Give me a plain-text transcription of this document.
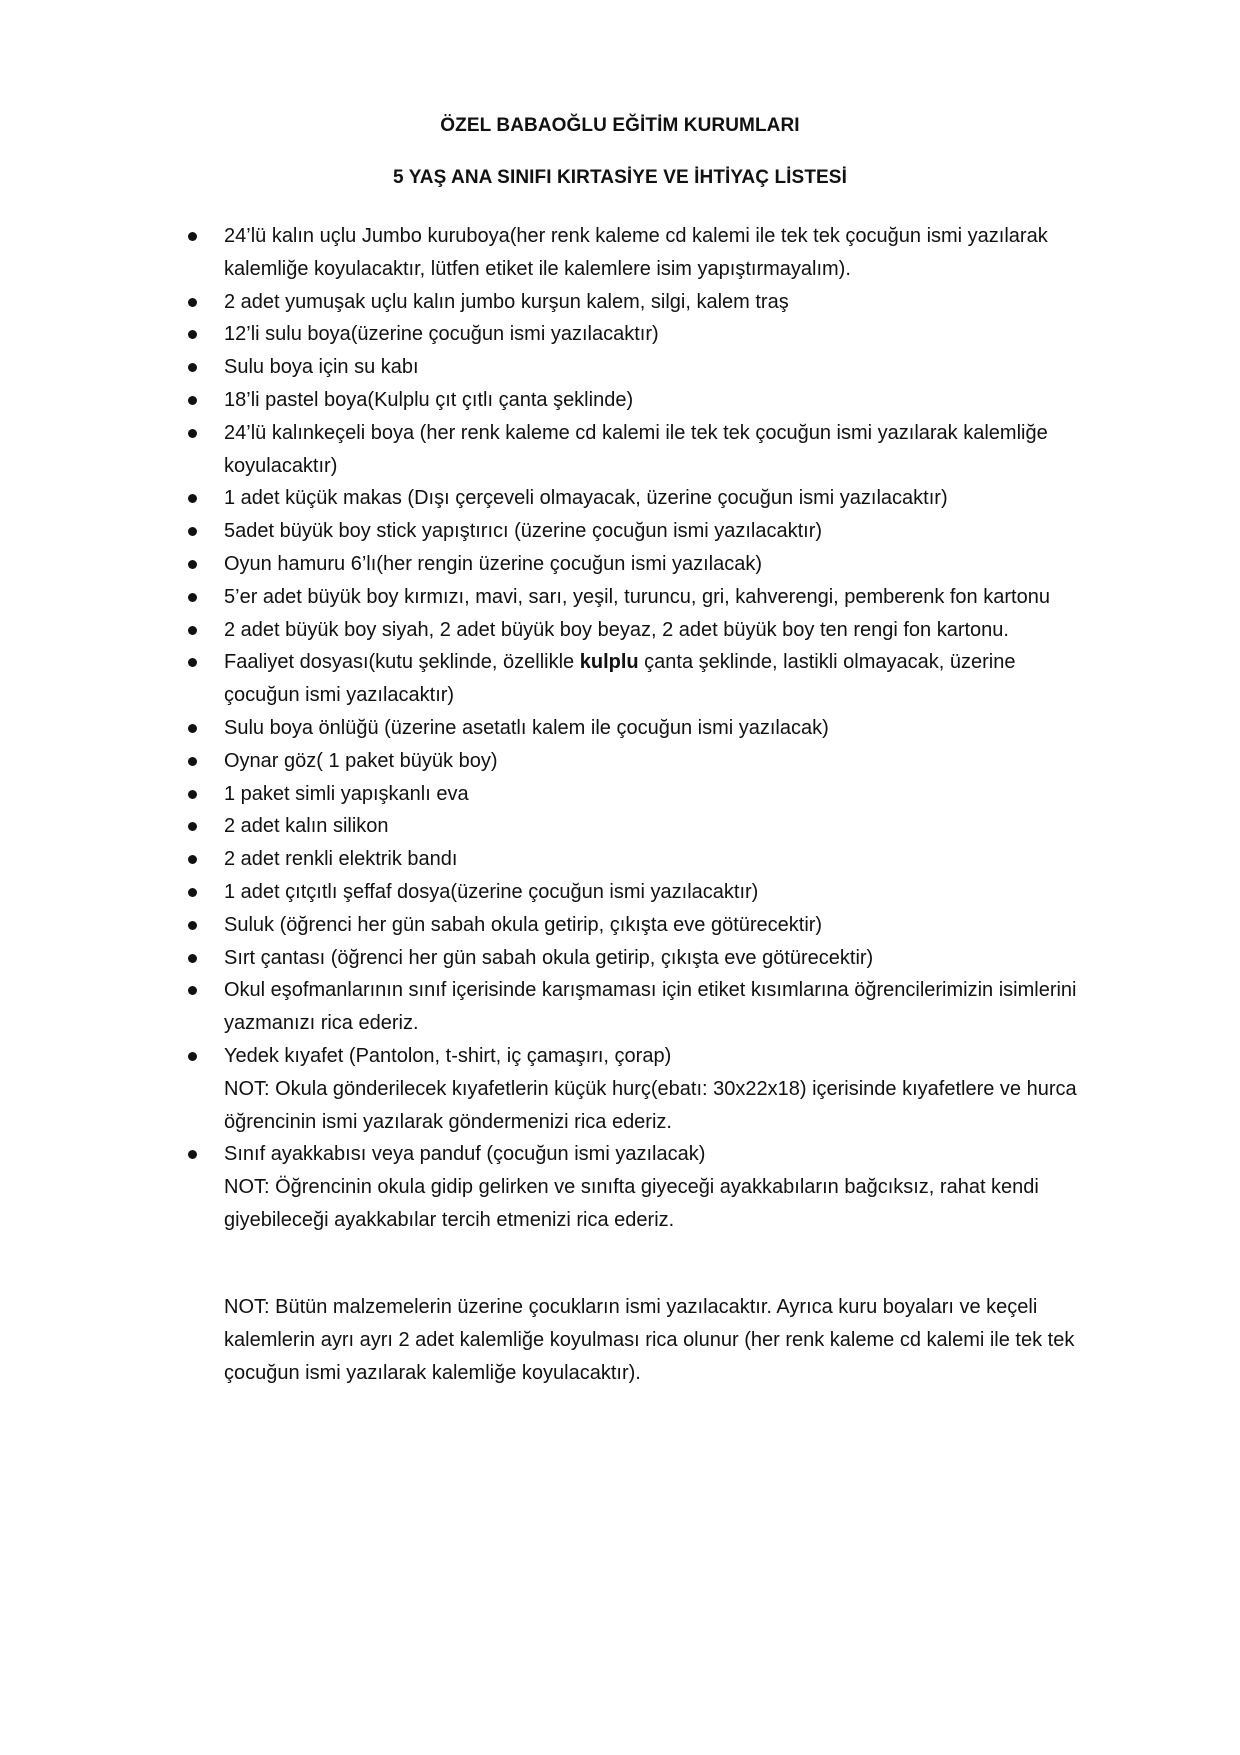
ÖZEL BABAOĞLU EĞİTİM KURUMLARI
5 YAŞ ANA SINIFI KIRTASİYE VE İHTİYAÇ LİSTESİ
24’lü kalın uçlu Jumbo kuruboya(her renk kaleme cd kalemi ile tek tek çocuğun ismi yazılarak kalemliğe koyulacaktır, lütfen etiket ile kalemlere isim yapıştırmayalım).
2 adet yumuşak uçlu kalın jumbo kurşun kalem, silgi, kalem traş
12’li sulu boya(üzerine çocuğun ismi yazılacaktır)
Sulu boya için su kabı
18’li pastel boya(Kulplu çıt çıtlı çanta şeklinde)
24’lü kalınkeçeli boya (her renk kaleme cd kalemi ile tek tek çocuğun ismi yazılarak kalemliğe koyulacaktır)
1 adet küçük makas (Dışı çerçeveli olmayacak, üzerine çocuğun ismi yazılacaktır)
5adet büyük boy stick yapıştırıcı (üzerine çocuğun ismi yazılacaktır)
Oyun hamuru 6’lı(her rengin üzerine çocuğun ismi yazılacak)
5’er adet büyük boy kırmızı, mavi, sarı, yeşil, turuncu, gri, kahverengi, pemberenk fon kartonu
2 adet büyük boy siyah, 2 adet büyük boy beyaz, 2 adet büyük boy ten rengi fon kartonu.
Faaliyet dosyası(kutu şeklinde, özellikle kulplu çanta şeklinde, lastikli olmayacak, üzerine çocuğun ismi yazılacaktır)
Sulu boya önlüğü (üzerine asetatlı kalem ile çocuğun ismi yazılacak)
Oynar göz( 1 paket büyük boy)
1 paket simli yapışkanlı eva
2 adet kalın silikon
2 adet renkli elektrik bandı
1 adet çıtçıtlı şeffaf dosya(üzerine çocuğun ismi yazılacaktır)
Suluk (öğrenci her gün sabah okula getirip, çıkışta eve götürecektir)
Sırt çantası (öğrenci her gün sabah okula getirip, çıkışta eve götürecektir)
Okul eşofmanlarının sınıf içerisinde karışmaması için etiket kısımlarına öğrencilerimizin isimlerini yazmanızı rica ederiz.
Yedek kıyafet (Pantolon, t-shirt, iç çamaşırı, çorap)
NOT: Okula gönderilecek kıyafetlerin küçük hurç(ebatı: 30x22x18) içerisinde kıyafetlere ve hurca öğrencinin ismi yazılarak göndermenizi rica ederiz.
Sınıf ayakkabısı veya panduf (çocuğun ismi yazılacak)
NOT: Öğrencinin okula gidip gelirken ve sınıfta giyeceği ayakkabıların bağcıksız, rahat kendi giyebileceği ayakkabılar tercih etmenizi rica ederiz.
NOT: Bütün malzemelerin üzerine çocukların ismi yazılacaktır. Ayrıca kuru boyaları ve keçeli kalemlerin ayrı ayrı 2 adet kalemliğe koyulması rica olunur (her renk kaleme cd kalemi ile tek tek çocuğun ismi yazılarak kalemliğe koyulacaktır).
